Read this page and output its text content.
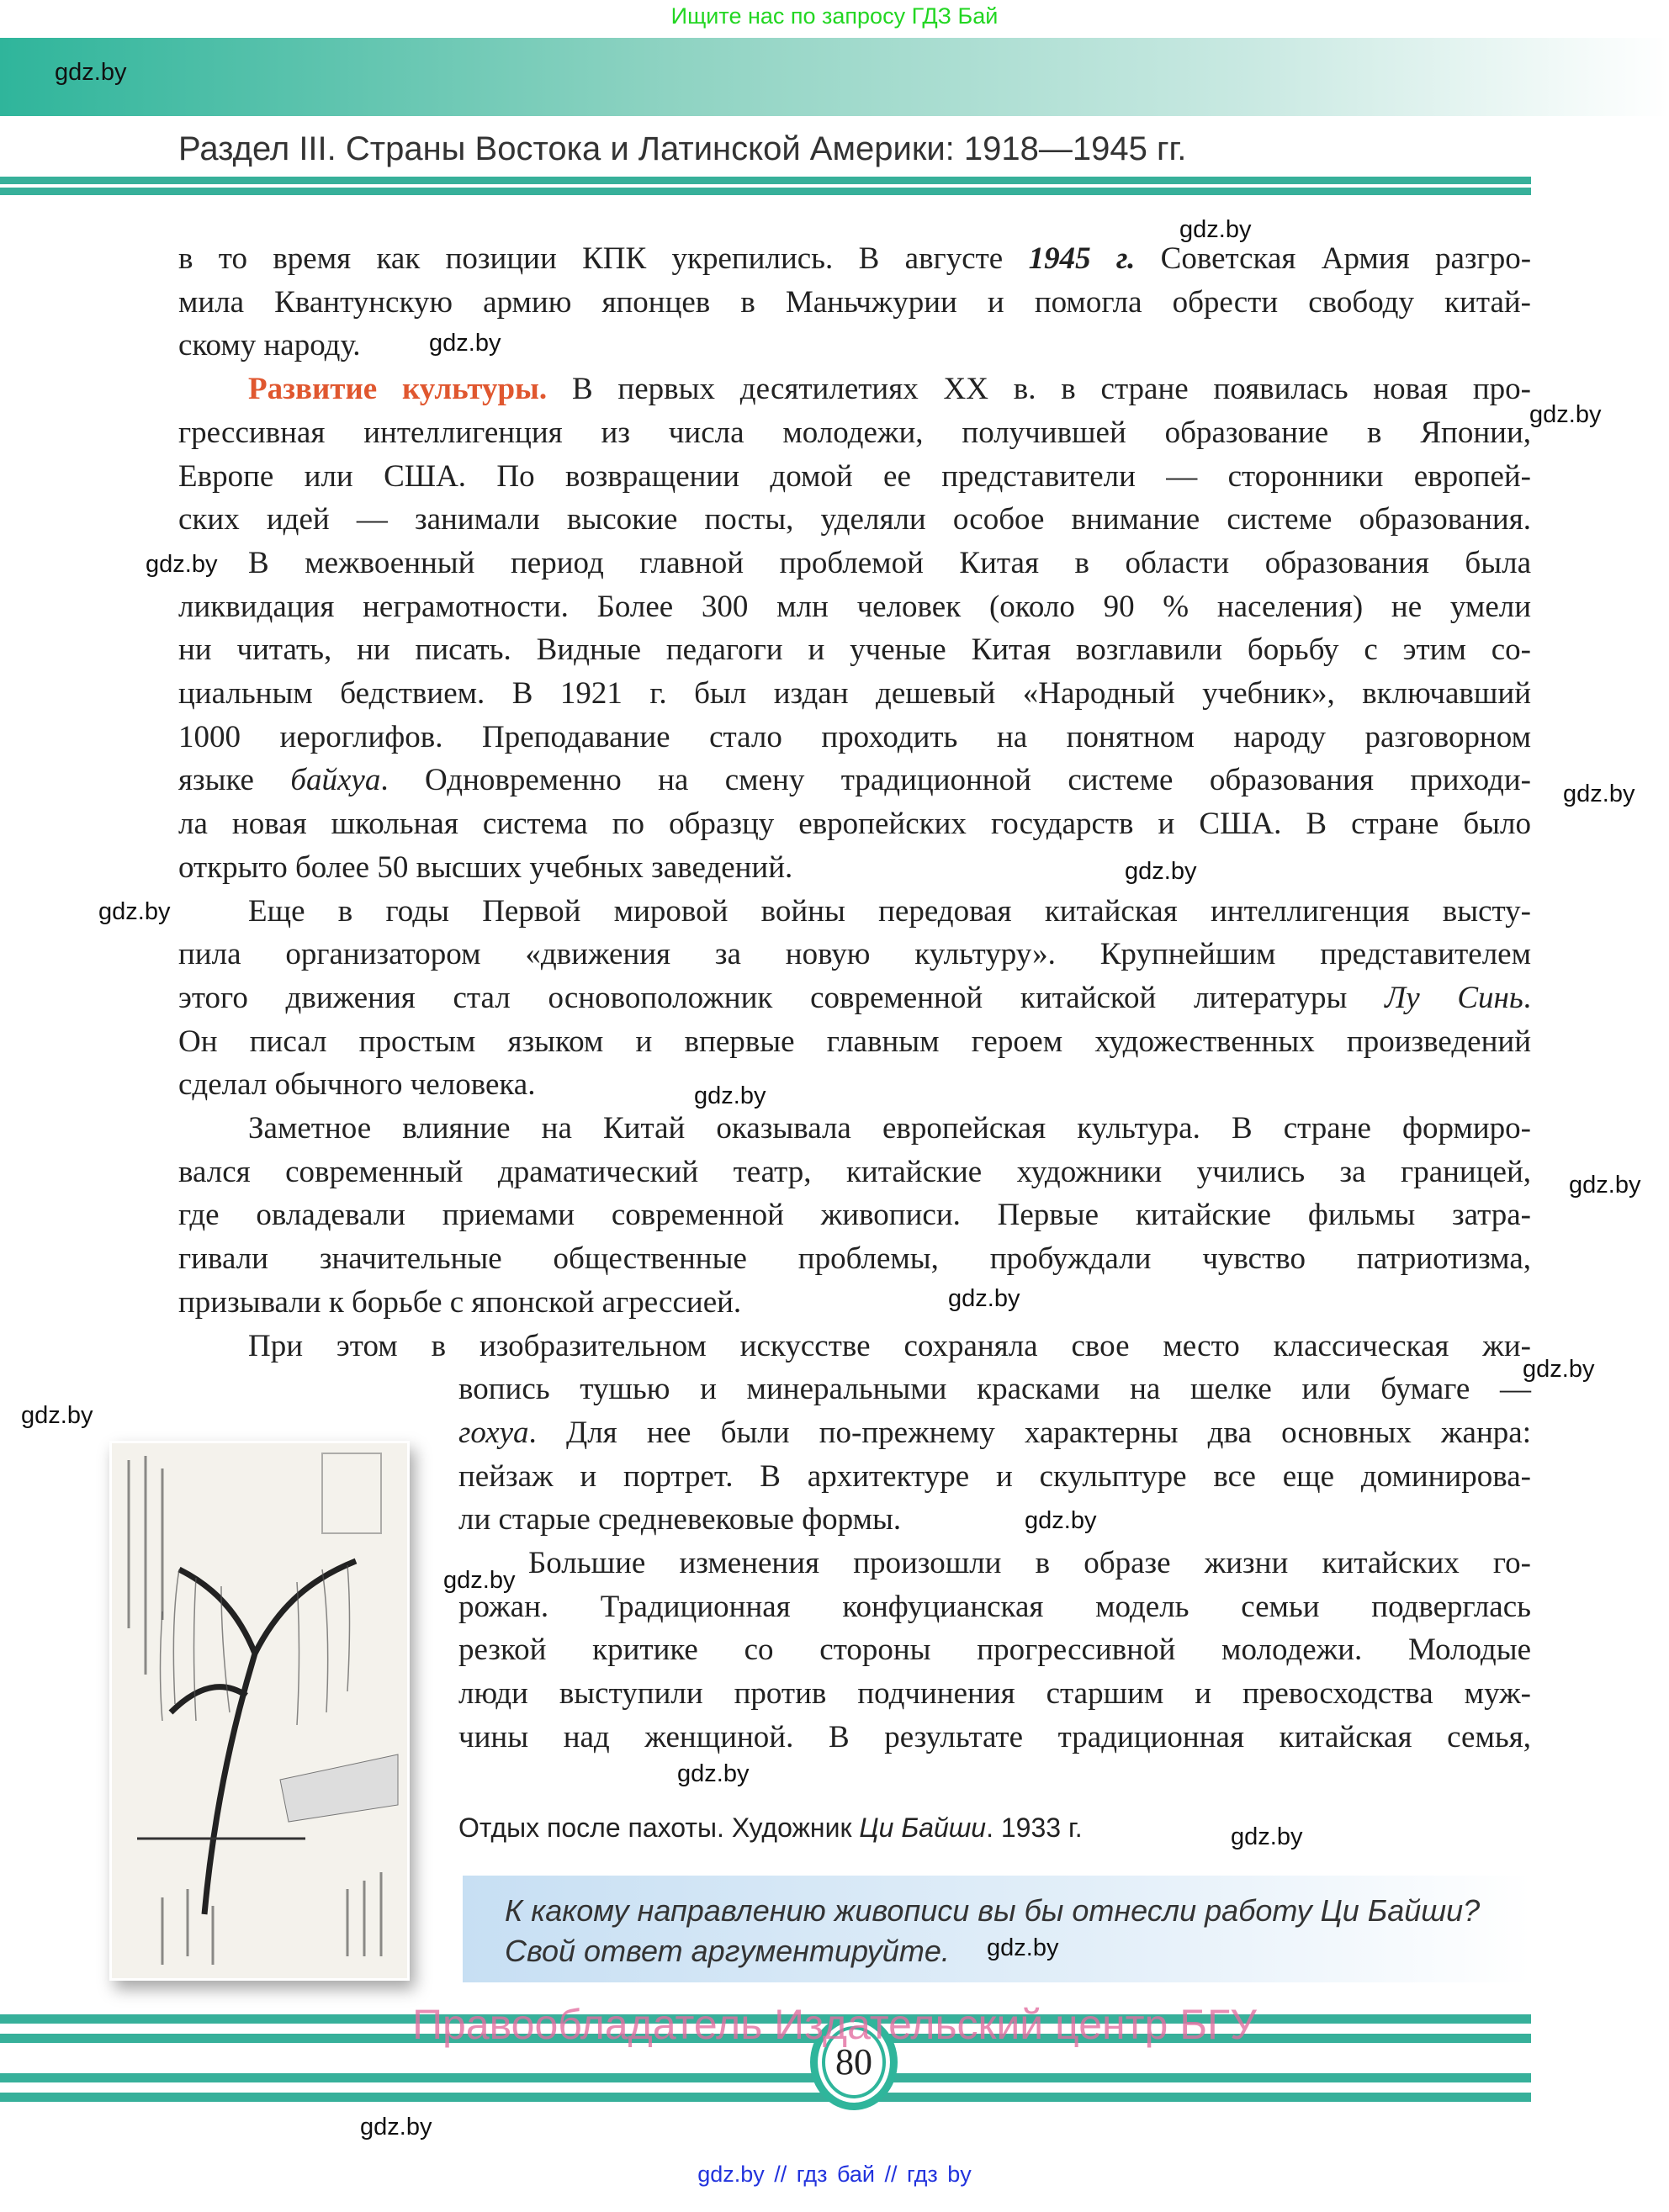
Ищите нас по запросу ГДЗ Бай
gdz.by
Раздел III. Страны Востока и Латинской Америки: 1918—1945 гг.
в то время как позиции КПК укрепились. В августе 1945 г. Советская Армия разгро-
мила Квантунскую армию японцев в Маньчжурии и помогла обрести свободу китай-
скому народу.
Развитие культуры. В первых десятилетиях XX в. в стране появилась новая про-
грессивная интеллигенция из числа молодежи, получившей образование в Японии,
Европе или США. По возвращении домой ее представители — сторонники европей-
ских идей — занимали высокие посты, уделяли особое внимание системе образования.
В межвоенный период главной проблемой Китая в области образования была
ликвидация неграмотности. Более 300 млн человек (около 90 % населения) не умели
ни читать, ни писать. Видные педагоги и ученые Китая возглавили борьбу с этим со-
циальным бедствием. В 1921 г. был издан дешевый «Народный учебник», включавший
1000 иероглифов. Преподавание стало проходить на понятном народу разговорном
языке байхуа. Одновременно на смену традиционной системе образования приходи-
ла новая школьная система по образцу европейских государств и США. В стране было
открыто более 50 высших учебных заведений.
Еще в годы Первой мировой войны передовая китайская интеллигенция высту-
пила организатором «движения за новую культуру». Крупнейшим представителем
этого движения стал основоположник современной китайской литературы Лу Синь.
Он писал простым языком и впервые главным героем художественных произведений
сделал обычного человека.
Заметное влияние на Китай оказывала европейская культура. В стране формиро-
вался современный драматический театр, китайские художники учились за границей,
где овладевали приемами современной живописи. Первые китайские фильмы затра-
гивали значительные общественные проблемы, пробуждали чувство патриотизма,
призывали к борьбе с японской агрессией.
При этом в изобразительном искусстве сохраняла свое место классическая жи-
вопись тушью и минеральными красками на шелке или бумаге —
гохуа. Для нее были по-прежнему характерны два основных жанра:
пейзаж и портрет. В архитектуре и скульптуре все еще доминирова-
ли старые средневековые формы.
Большие изменения произошли в образе жизни китайских го-
рожан. Традиционная конфуцианская модель семьи подверглась
резкой критике со стороны прогрессивной молодежи. Молодые
люди выступили против подчинения старшим и превосходства муж-
чины над женщиной. В результате традиционная китайская семья,
Отдых после пахоты. Художник Ци Байши. 1933 г.
К какому направлению живописи вы бы отнесли работу Ци Байши?
Свой ответ аргументируйте.
80
Правообладатель Издательский центр БГУ
gdz.by // гдз бай // гдз by
gdz.by
gdz.by
gdz.by
gdz.by
gdz.by
gdz.by
gdz.by
gdz.by
gdz.by
gdz.by
gdz.by
gdz.by
gdz.by
gdz.by
gdz.by
gdz.by
gdz.by
gdz.by
